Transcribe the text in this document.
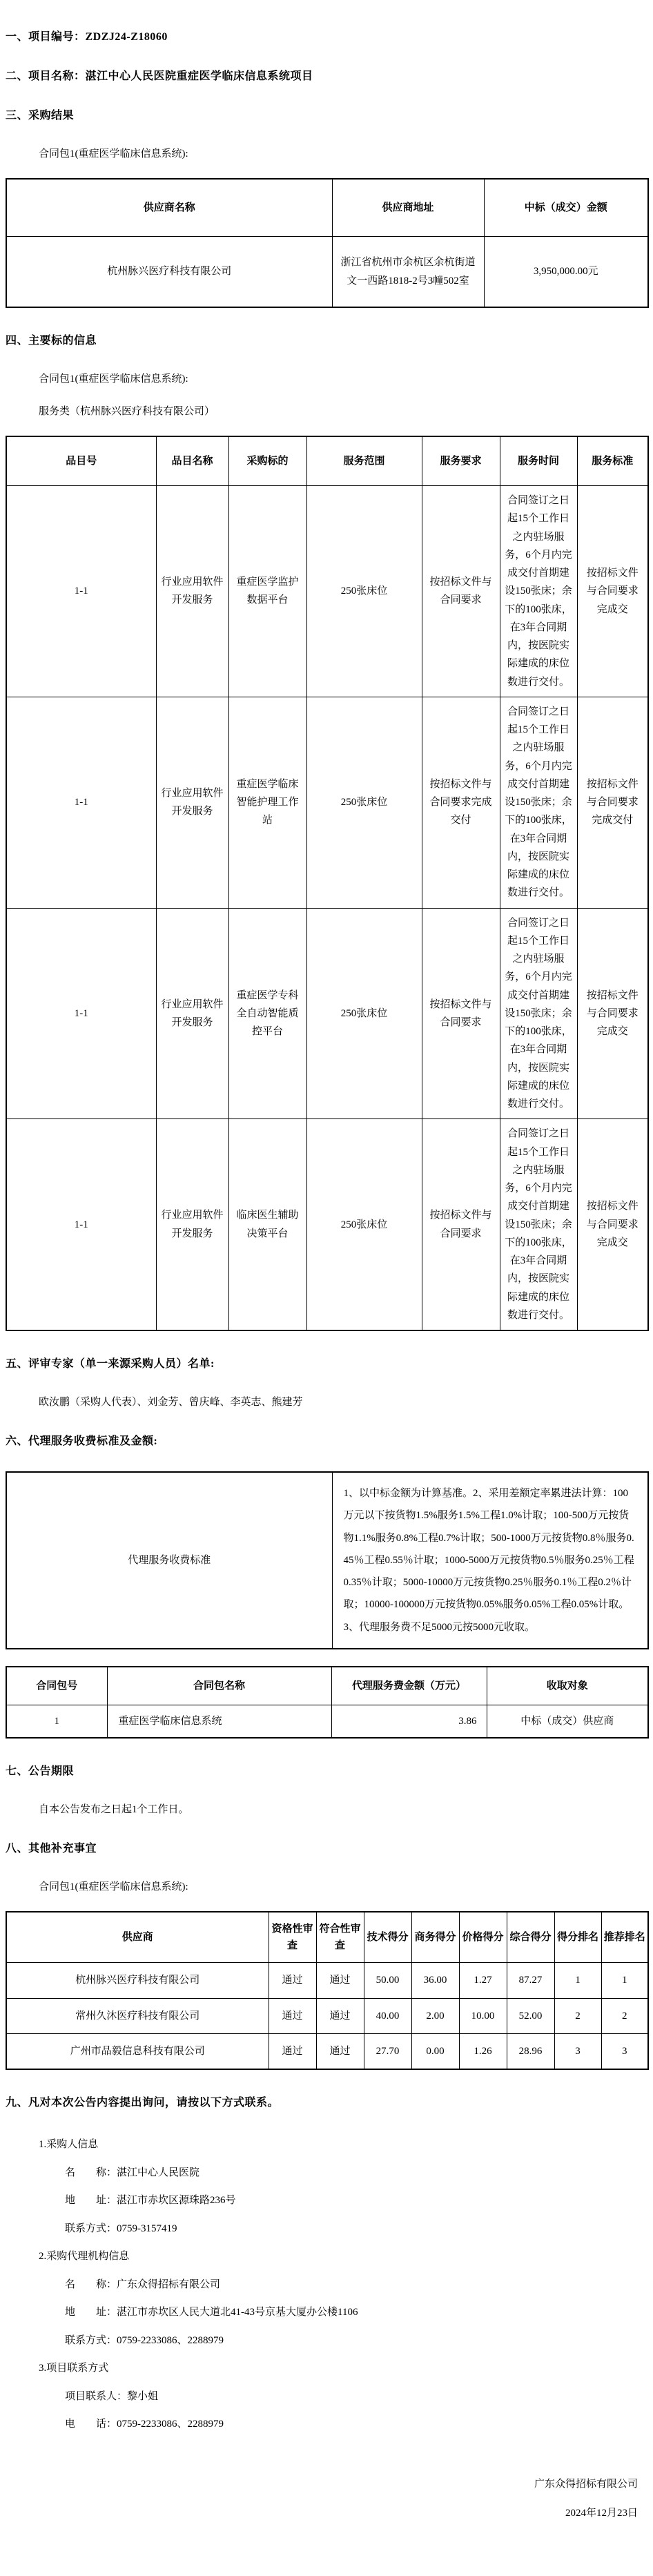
一、项目编号：ZDZJ24-Z18060
二、项目名称：湛江中心人民医院重症医学临床信息系统项目
三、采购结果
合同包1(重症医学临床信息系统):
供应商名称	供应商地址	中标（成交）金额
杭州脉兴医疗科技有限公司	浙江省杭州市余杭区余杭街道文一西路1818-2号3幢502室	3,950,000.00元
四、主要标的信息
合同包1(重症医学临床信息系统):
服务类（杭州脉兴医疗科技有限公司）
品目号	品目名称	采购标的	服务范围	服务要求	服务时间	服务标准
1-1	行业应用软件开发服务	重症医学监护数据平台	250张床位	按招标文件与合同要求	合同签订之日起15个工作日之内驻场服务，6个月内完成交付首期建设150张床；余下的100张床，在3年合同期内，按医院实际建成的床位数进行交付。	按招标文件与合同要求完成交
1-1	行业应用软件开发服务	重症医学临床智能护理工作站	250张床位	按招标文件与合同要求完成交付	合同签订之日起15个工作日之内驻场服务，6个月内完成交付首期建设150张床；余下的100张床，在3年合同期内，按医院实际建成的床位数进行交付。	按招标文件与合同要求完成交付
1-1	行业应用软件开发服务	重症医学专科全自动智能质控平台	250张床位	按招标文件与合同要求	合同签订之日起15个工作日之内驻场服务，6个月内完成交付首期建设150张床；余下的100张床，在3年合同期内，按医院实际建成的床位数进行交付。	按招标文件与合同要求完成交
1-1	行业应用软件开发服务	临床医生辅助决策平台	250张床位	按招标文件与合同要求	合同签订之日起15个工作日之内驻场服务，6个月内完成交付首期建设150张床；余下的100张床，在3年合同期内，按医院实际建成的床位数进行交付。	按招标文件与合同要求完成交
五、评审专家（单一来源采购人员）名单:
欧汝鹏（采购人代表）、刘金芳、曾庆峰、李英志、熊建芳
六、代理服务收费标准及金额:
代理服务收费标准	1、以中标金额为计算基准。2、采用差额定率累进法计算：100万元以下按货物1.5%服务1.5%工程1.0%计取；100-500万元按货物1.1%服务0.8%工程0.7%计取；500-1000万元按货物0.8％服务0.45％工程0.55％计取；1000-5000万元按货物0.5％服务0.25％工程0.35％计取；5000-10000万元按货物0.25％服务0.1％工程0.2％计取；10000-100000万元按货物0.05%服务0.05%工程0.05%计取。3、代理服务费不足5000元按5000元收取。
合同包号	合同包名称	代理服务费金额（万元）	收取对象
1	重症医学临床信息系统	3.86	中标（成交）供应商
七、公告期限
自本公告发布之日起1个工作日。
八、其他补充事宜
合同包1(重症医学临床信息系统):
供应商	资格性审查	符合性审查	技术得分	商务得分	价格得分	综合得分	得分排名	推荐排名
杭州脉兴医疗科技有限公司	通过	通过	50.00	36.00	1.27	87.27	1	1
常州久沐医疗科技有限公司	通过	通过	40.00	2.00	10.00	52.00	2	2
广州市品毅信息科技有限公司	通过	通过	27.70	0.00	1.26	28.96	3	3
九、凡对本次公告内容提出询问，请按以下方式联系。
1.采购人信息
名　　称：湛江中心人民医院
地　　址：湛江市赤坎区源珠路236号
联系方式：0759-3157419
2.采购代理机构信息
名　　称：广东众得招标有限公司
地　　址：湛江市赤坎区人民大道北41-43号京基大厦办公楼1106
联系方式：0759-2233086、2288979
3.项目联系方式
项目联系人：黎小姐
电　　话：0759-2233086、2288979
广东众得招标有限公司
2024年12月23日
